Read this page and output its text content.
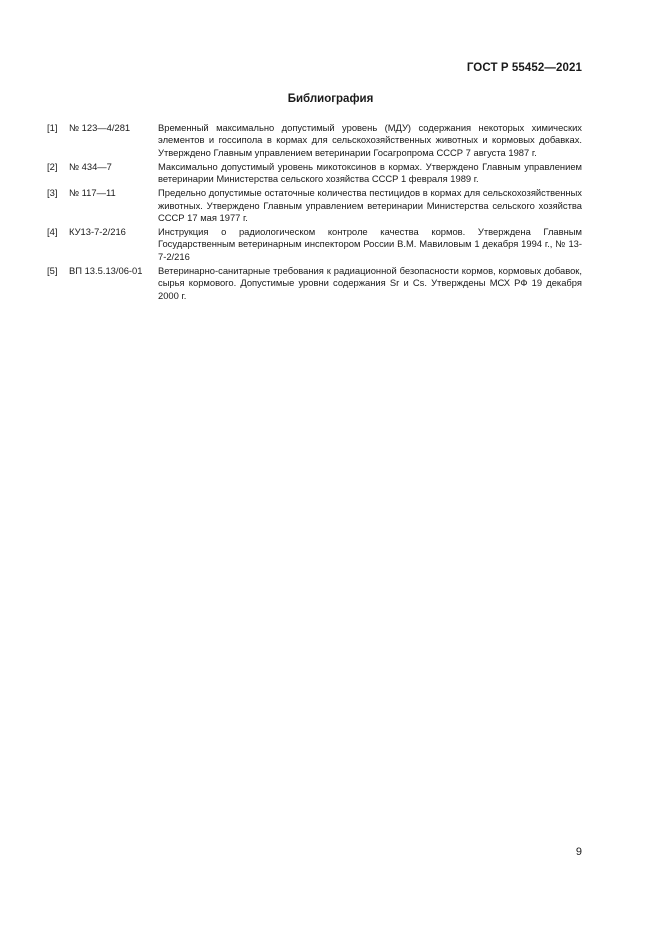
ГОСТ Р 55452—2021
Библиография
[1]	№ 123—4/281	Временный максимально допустимый уровень (МДУ) содержания некоторых химических элементов и госсипола в кормах для сельскохозяйственных животных и кормовых добавках. Утверждено Главным управлением ветеринарии Госагропрома СССР 7 августа 1987 г.
[2]	№ 434—7	Максимально допустимый уровень микотоксинов в кормах. Утверждено Главным управлением ветеринарии Министерства сельского хозяйства СССР 1 февраля 1989 г.
[3]	№ 117—11	Предельно допустимые остаточные количества пестицидов в кормах для сельскохозяйственных животных. Утверждено Главным управлением ветеринарии Министерства сельского хозяйства СССР 17 мая 1977 г.
[4]	КУ13-7-2/216	Инструкция о радиологическом контроле качества кормов. Утверждена Главным Государственным ветеринарным инспектором России В.М. Мавиловым 1 декабря 1994 г., № 13-7-2/216
[5]	ВП 13.5.13/06-01	Ветеринарно-санитарные требования к радиационной безопасности кормов, кормовых добавок, сырья кормового. Допустимые уровни содержания Sr и Cs. Утверждены МСХ РФ 19 декабря 2000 г.
9
